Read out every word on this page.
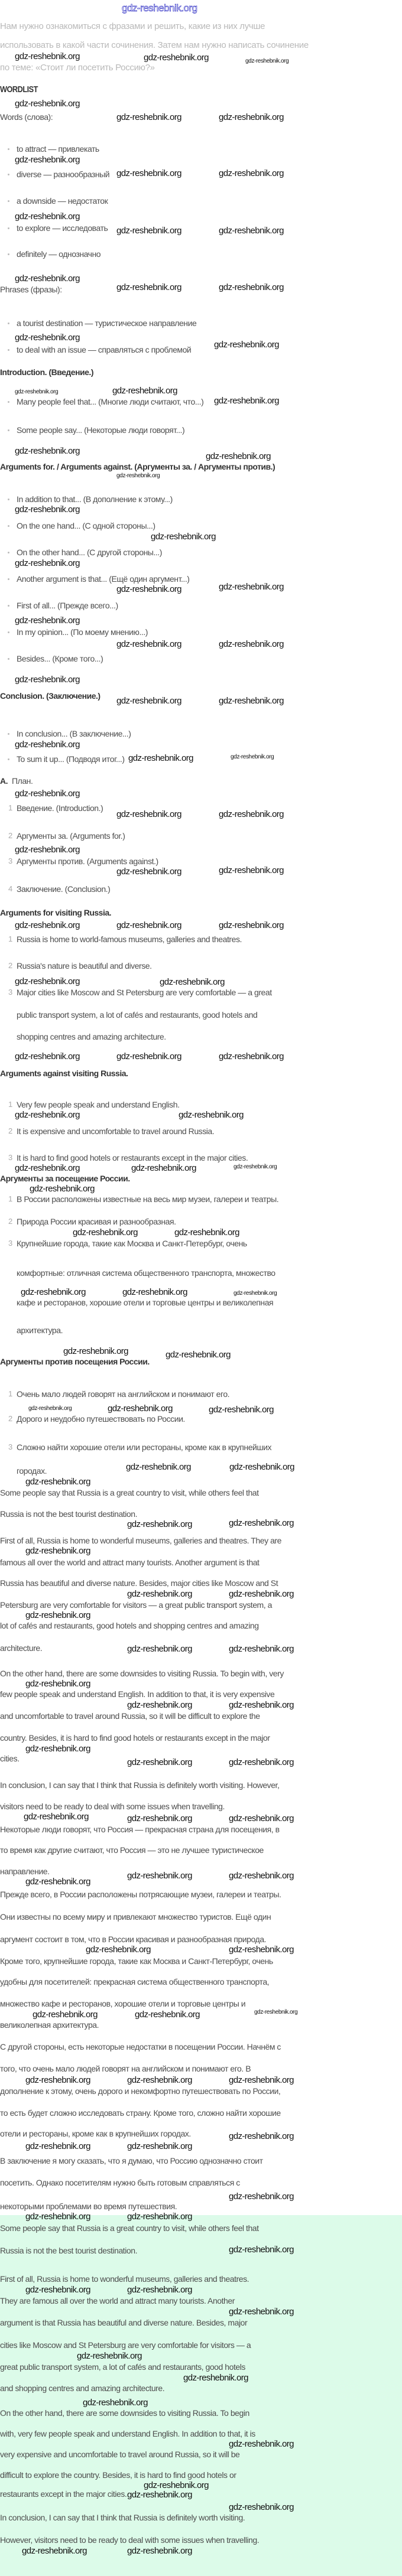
gdz-reshebnik.org
Нам нужно ознакомиться с фразами и решить, какие из них лучше
использовать в какой части сочинения. Затем нам нужно написать сочинение
по теме: «Стоит ли посетить Россию?»
WORDLIST
Words (слова):
to attract — привлекать
diverse — разнообразный
a downside — недостаток
to explore — исследовать
definitely — однозначно
Phrases (фразы):
a tourist destination — туристическое направление
to deal with an issue — справляться с проблемой
Introduction. (Введение.)
Many people feel that... (Многие люди считают, что...)
Some people say... (Некоторые люди говорят...)
Arguments for. / Arguments against. (Аргументы за. / Аргументы против.)
In addition to that... (В дополнение к этому...)
On the one hand... (С одной стороны...)
On the other hand... (С другой стороны...)
Another argument is that... (Ещё один аргумент...)
First of all... (Прежде всего...)
In my opinion... (По моему мнению...)
Besides... (Кроме того...)
Conclusion. (Заключение.)
In conclusion... (В заключение...)
To sum it up... (Подводя итог...)
А. План.
1 Введение. (Introduction.)
2 Аргументы за. (Arguments for.)
3 Аргументы против. (Arguments against.)
4 Заключение. (Conclusion.)
Arguments for visiting Russia.
1 Russia is home to world-famous museums, galleries and theatres.
2 Russia's nature is beautiful and diverse.
3 Major cities like Moscow and St Petersburg are very comfortable — a great
public transport system, a lot of cafés and restaurants, good hotels and
shopping centres and amazing architecture.
Arguments against visiting Russia.
1 Very few people speak and understand English.
2 It is expensive and uncomfortable to travel around Russia.
3 It is hard to find good hotels or restaurants except in the major cities.
Аргументы за посещение России.
1 В России расположены известные на весь мир музеи, галереи и театры.
2 Природа России красивая и разнообразная.
3 Крупнейшие города, такие как Москва и Санкт-Петербург, очень
комфортные: отличная система общественного транспорта, множество
кафе и ресторанов, хорошие отели и торговые центры и великолепная
архитектура.
Аргументы против посещения России.
1 Очень мало людей говорят на английском и понимают его.
2 Дорого и неудобно путешествовать по России.
3 Сложно найти хорошие отели или рестораны, кроме как в крупнейших
городах.
Some people say that Russia is a great country to visit, while others feel that
Russia is not the best tourist destination.
First of all, Russia is home to wonderful museums, galleries and theatres. They are
famous all over the world and attract many tourists. Another argument is that
Russia has beautiful and diverse nature. Besides, major cities like Moscow and St
Petersburg are very comfortable for visitors — a great public transport system, a
lot of cafés and restaurants, good hotels and shopping centres and amazing
architecture.
On the other hand, there are some downsides to visiting Russia. To begin with, very
few people speak and understand English. In addition to that, it is very expensive
and uncomfortable to travel around Russia, so it will be difficult to explore the
country. Besides, it is hard to find good hotels or restaurants except in the major
cities.
In conclusion, I can say that I think that Russia is definitely worth visiting. However,
visitors need to be ready to deal with some issues when travelling.
Некоторые люди говорят, что Россия — прекрасная страна для посещения, в
то время как другие считают, что Россия — это не лучшее туристическое
направление.
Прежде всего, в России расположены потрясающие музеи, галереи и театры.
Они известны по всему миру и привлекают множество туристов. Ещё один
аргумент состоит в том, что в России красивая и разнообразная природа.
Кроме того, крупнейшие города, такие как Москва и Санкт-Петербург, очень
удобны для посетителей: прекрасная система общественного транспорта,
множество кафе и ресторанов, хорошие отели и торговые центры и
великолепная архитектура.
С другой стороны, есть некоторые недостатки в посещении России. Начнём с
того, что очень мало людей говорят на английском и понимают его. В
дополнение к этому, очень дорого и некомфортно путешествовать по России,
то есть будет сложно исследовать страну. Кроме того, сложно найти хорошие
отели и рестораны, кроме как в крупнейших городах.
В заключение я могу сказать, что я думаю, что Россию однозначно стоит
посетить. Однако посетителям нужно быть готовым справляться с
некоторыми проблемами во время путешествия.
Some people say that Russia is a great country to visit, while others feel that
Russia is not the best tourist destination.
First of all, Russia is home to wonderful museums, galleries and theatres.
They are famous all over the world and attract many tourists. Another
argument is that Russia has beautiful and diverse nature. Besides, major
cities like Moscow and St Petersburg are very comfortable for visitors — a
great public transport system, a lot of cafés and restaurants, good hotels
and shopping centres and amazing architecture.
On the other hand, there are some downsides to visiting Russia. To begin
with, very few people speak and understand English. In addition to that, it is
very expensive and uncomfortable to travel around Russia, so it will be
difficult to explore the country. Besides, it is hard to find good hotels or
restaurants except in the major cities.
In conclusion, I can say that I think that Russia is definitely worth visiting.
However, visitors need to be ready to deal with some issues when travelling.
gdz-reshebnik.org	gdz-reshebnik.org	gdz-reshebnik.org
gdz-reshebnik.org
gdz-reshebnik.org	gdz-reshebnik.org
gdz-reshebnik.org
gdz-reshebnik.org	gdz-reshebnik.org
gdz-reshebnik.org
gdz-reshebnik.org	gdz-reshebnik.org
gdz-reshebnik.org
gdz-reshebnik.org	gdz-reshebnik.org
gdz-reshebnik.org
gdz-reshebnik.org
gdz-reshebnik.org	gdz-reshebnik.org
gdz-reshebnik.org
gdz-reshebnik.org
gdz-reshebnik.org
gdz-reshebnik.org
gdz-reshebnik.org
gdz-reshebnik.org
gdz-reshebnik.org
gdz-reshebnik.org	gdz-reshebnik.org
gdz-reshebnik.org
gdz-reshebnik.org	gdz-reshebnik.org
gdz-reshebnik.org
gdz-reshebnik.org	gdz-reshebnik.org
gdz-reshebnik.org
gdz-reshebnik.org	gdz-reshebnik.org
gdz-reshebnik.org
gdz-reshebnik.org	gdz-reshebnik.org
gdz-reshebnik.org
gdz-reshebnik.org	gdz-reshebnik.org
gdz-reshebnik.org	gdz-reshebnik.org	gdz-reshebnik.org
gdz-reshebnik.org	gdz-reshebnik.org
gdz-reshebnik.org	gdz-reshebnik.org	gdz-reshebnik.org
gdz-reshebnik.org	gdz-reshebnik.org
gdz-reshebnik.org	gdz-reshebnik.org	gdz-reshebnik.org
gdz-reshebnik.org
gdz-reshebnik.org	gdz-reshebnik.org
gdz-reshebnik.org	gdz-reshebnik.org	gdz-reshebnik.org
gdz-reshebnik.org	gdz-reshebnik.org
gdz-reshebnik.org	gdz-reshebnik.org	gdz-reshebnik.org
gdz-reshebnik.org	gdz-reshebnik.org
gdz-reshebnik.org
gdz-reshebnik.org	gdz-reshebnik.org
gdz-reshebnik.org
gdz-reshebnik.org	gdz-reshebnik.org
gdz-reshebnik.org
gdz-reshebnik.org	gdz-reshebnik.org
gdz-reshebnik.org
gdz-reshebnik.org	gdz-reshebnik.org
gdz-reshebnik.org
gdz-reshebnik.org	gdz-reshebnik.org
gdz-reshebnik.org	gdz-reshebnik.org	gdz-reshebnik.org
gdz-reshebnik.org
gdz-reshebnik.org	gdz-reshebnik.org
gdz-reshebnik.org	gdz-reshebnik.org
gdz-reshebnik.org	gdz-reshebnik.org	gdz-reshebnik.org
gdz-reshebnik.org	gdz-reshebnik.org	gdz-reshebnik.org
gdz-reshebnik.org
gdz-reshebnik.org	gdz-reshebnik.org
gdz-reshebnik.org
gdz-reshebnik.org	gdz-reshebnik.org
gdz-reshebnik.org
gdz-reshebnik.org	gdz-reshebnik.org
gdz-reshebnik.org
gdz-reshebnik.org
gdz-reshebnik.org
gdz-reshebnik.org
gdz-reshebnik.org
gdz-reshebnik.org
gdz-reshebnik.org
gdz-reshebnik.org
gdz-reshebnik.org	gdz-reshebnik.org
